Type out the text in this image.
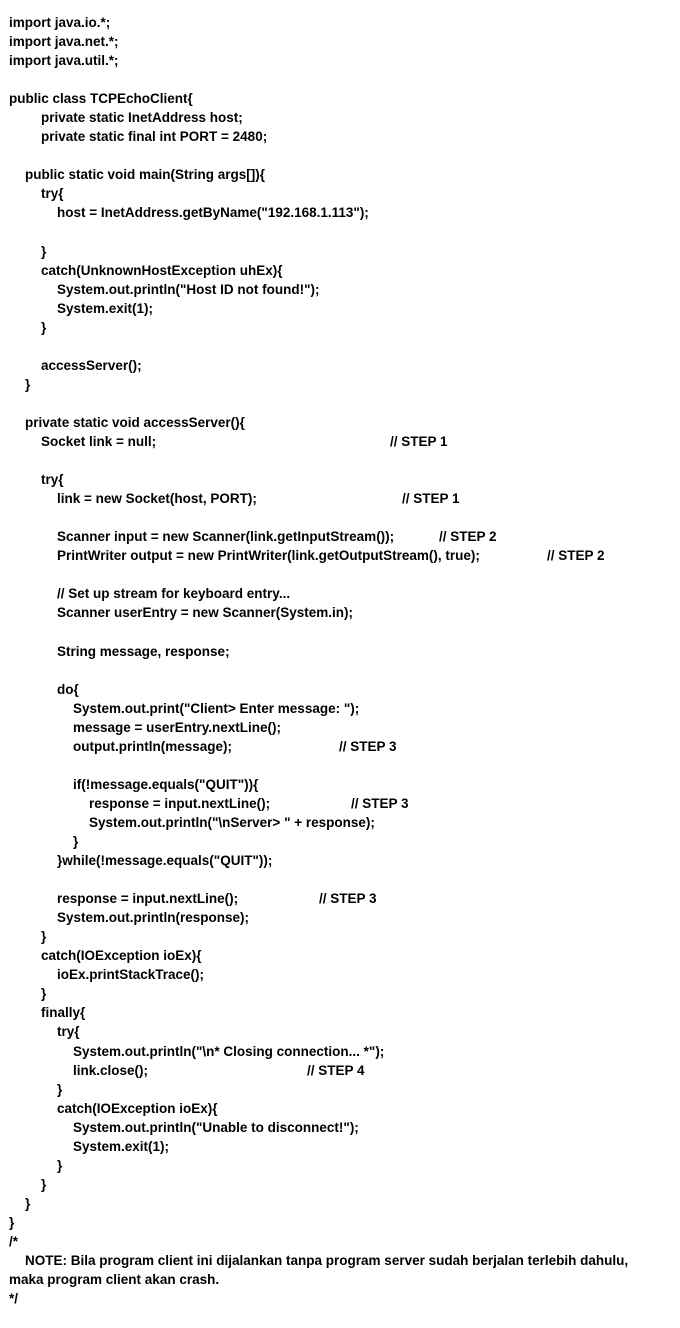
import java.io.*;
import java.net.*;
import java.util.*;
public class TCPEchoClient{
private static InetAddress host;
private static final int PORT = 2480;
public static void main(String args[]){
try{
host = InetAddress.getByName("192.168.1.113");
}
catch(UnknownHostException uhEx){
System.out.println("Host ID not found!");
System.exit(1);
}
accessServer();
}
private static void accessServer(){
Socket link = null;	// STEP 1
try{
link = new Socket(host, PORT);	// STEP 1
Scanner input = new Scanner(link.getInputStream());	// STEP 2
PrintWriter output = new PrintWriter(link.getOutputStream(), true);	// STEP 2
// Set up stream for keyboard entry...
Scanner userEntry = new Scanner(System.in);
String message, response;
do{
System.out.print("Client> Enter message: ");
message = userEntry.nextLine();
output.println(message);	// STEP 3
if(!message.equals("QUIT")){
response = input.nextLine();	// STEP 3
System.out.println("\nServer> " + response);
}
}while(!message.equals("QUIT"));
response = input.nextLine();	// STEP 3
System.out.println(response);
}
catch(IOException ioEx){
ioEx.printStackTrace();
}
finally{
try{
System.out.println("\n* Closing connection... *");
link.close();	// STEP 4
}
catch(IOException ioEx){
System.out.println("Unable to disconnect!");
System.exit(1);
}
}
}
}
/*
NOTE: Bila program client ini dijalankan tanpa program server sudah berjalan terlebih dahulu,
maka program client akan crash.
*/
